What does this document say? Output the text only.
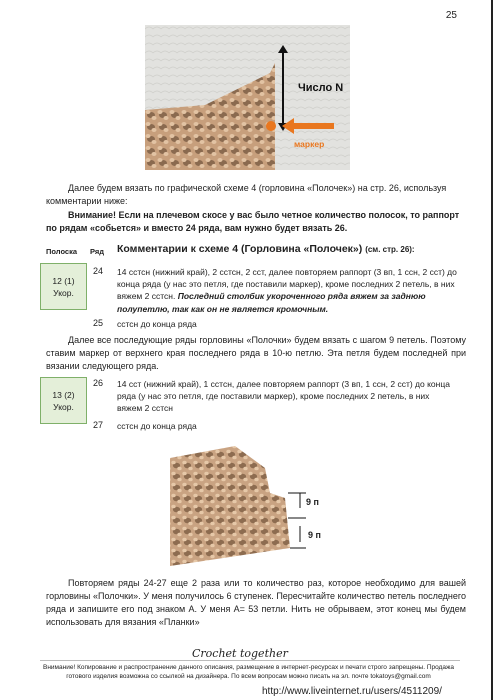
25
Число N
маркер
Далее будем вязать по графической схеме 4 (горловина «Полочек») на стр. 26, используя комментарии ниже:
Внимание! Если на плечевом скосе у вас было четное количество полосок, то раппорт по рядам «собьется» и вместо 24 ряда, вам нужно будет вязать 26.
Полоска Ряд Комментарии к схеме 4 (Горловина «Полочек») (см. стр. 26):
12 (1)
Укор.
24 14 сстсн (нижний край), 2 сстсн, 2 сст, далее повторяем раппорт (3 вп, 1 ссн, 2 сст) до конца ряда (у нас это петля, где поставили маркер), кроме последних 2 петель, в них вяжем 2 сстсн. Последний столбик укороченного ряда вяжем за заднюю полупетлю, так как он не является кромочным.
25 сстсн до конца ряда
Далее все последующие ряды горловины «Полочки» будем вязать с шагом 9 петель. Поэтому ставим маркер от верхнего края последнего ряда в 10-ю петлю. Эта петля будем последней при вязании следующего ряда.
13 (2)
Укор.
26 14 сст (нижний край), 1 сстсн, далее повторяем раппорт (3 вп, 1 ссн, 2 сст) до конца ряда (у нас это петля, где поставили маркер), кроме последних 2 петель, в них вяжем 2 сстсн
27 сстсн до конца ряда
9 п
9 п
Повторяем ряды 24-27 еще 2 раза или то количество раз, которое необходимо для вашей горловины «Полочки». У меня получилось 6 ступенек. Пересчитайте количество петель последнего ряда и запишите его под знаком А. У меня А= 53 петли. Нить не обрываем, этот конец мы будем использовать для вязания «Планки»
Crochet together
Внимание! Копирование и распространение данного описания, размещение в интернет-ресурсах и печати строго запрещены. Продажа готового изделия возможна со ссылкой на дизайнера. По всем вопросам можно писать на эл. почте tokatoys@gmail.com
http://www.liveinternet.ru/users/4511209/
